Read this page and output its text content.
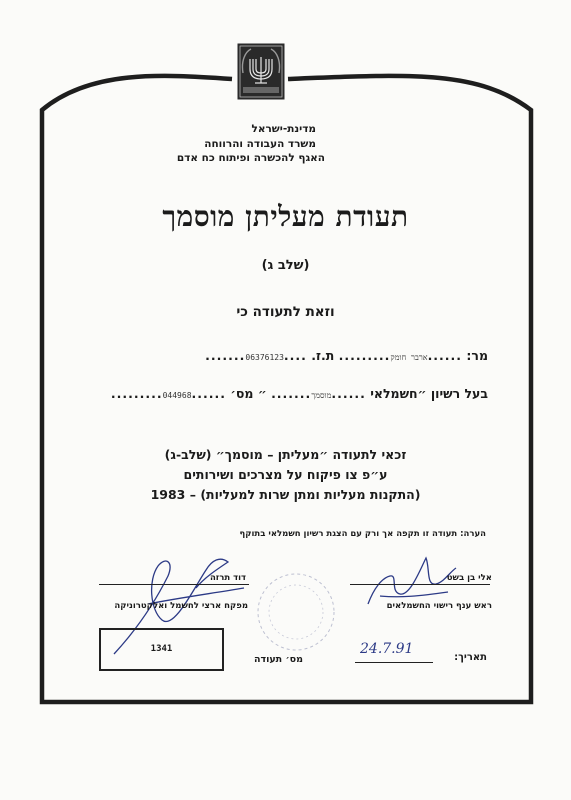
מדינת-ישראל
משרד העבודה והרווחה
האגף להכשרה ופיתוח כח אדם
תעודת מעליתן מוסמך
(שלב ג)
וזאת לתעודה כי
מר: ......ארבר חומק......... ת.ז. ....06376123.......
בעל רשיון ״חשמלאי ......מוסמך....... ״ מס׳ ......044968.........
זכאי לתעודה ״מעליתן – מוסמך״ (שלב-ג)
ע״פ צו פיקוח על מצרכים ושירותים
(התקנות מעליות ומתן שרות למעליות) – 1983
הערה: תעודה זו תקפה אך ורק עם הצגת רשיון חשמלאי בתוקף
אלי בן בשט
ראש ענף רישוי החשמלאים
דוד תרזה
מפקח ארצי לחשמל ואלקטרוניקה
1341
מס׳ תעודה	תאריך:
24.7.91
